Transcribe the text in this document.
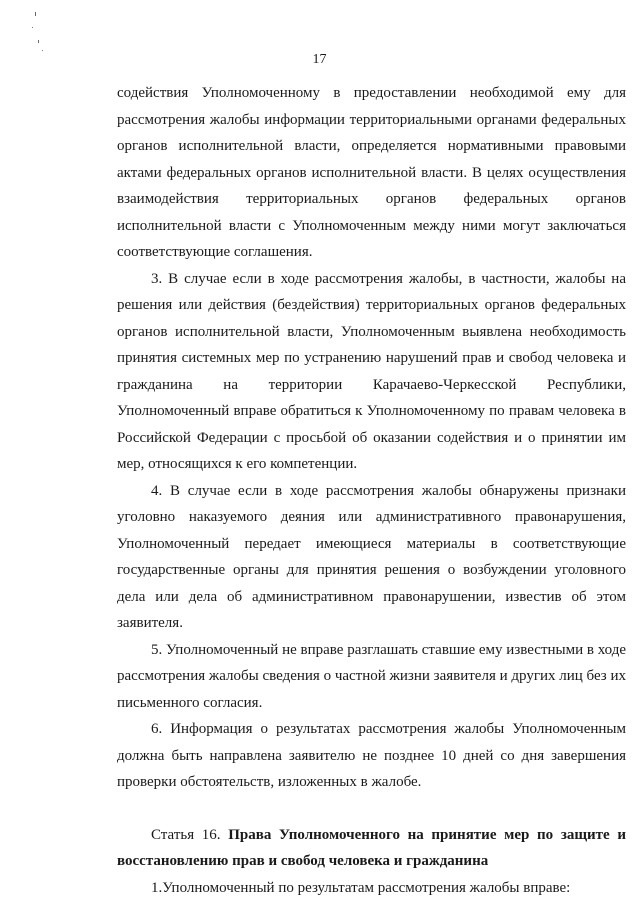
17

содействия Уполномоченному в предоставлении необходимой ему для рассмотрения жалобы информации территориальными органами федеральных органов исполнительной власти, определяется нормативными правовыми актами федеральных органов исполнительной власти. В целях осуществления взаимодействия территориальных органов федеральных органов исполнительной власти с Уполномоченным между ними могут заключаться соответствующие соглашения.

3. В случае если в ходе рассмотрения жалобы, в частности, жалобы на решения или действия (бездействия) территориальных органов федеральных органов исполнительной власти, Уполномоченным выявлена необходимость принятия системных мер по устранению нарушений прав и свобод человека и гражданина на территории Карачаево-Черкесской Республики, Уполномоченный вправе обратиться к Уполномоченному по правам человека в Российской Федерации с просьбой об оказании содействия и о принятии им мер, относящихся к его компетенции.

4. В случае если в ходе рассмотрения жалобы обнаружены признаки уголовно наказуемого деяния или административного правонарушения, Уполномоченный передает имеющиеся материалы в соответствующие государственные органы для принятия решения о возбуждении уголовного дела или дела об административном правонарушении, известив об этом заявителя.

5. Уполномоченный не вправе разглашать ставшие ему известными в ходе рассмотрения жалобы сведения о частной жизни заявителя и других лиц без их письменного согласия.

6. Информация о результатах рассмотрения жалобы Уполномоченным должна быть направлена заявителю не позднее 10 дней со дня завершения проверки обстоятельств, изложенных в жалобе.

Статья 16. Права Уполномоченного на принятие мер по защите и восстановлению прав и свобод человека и гражданина

1.Уполномоченный по результатам рассмотрения жалобы вправе:
